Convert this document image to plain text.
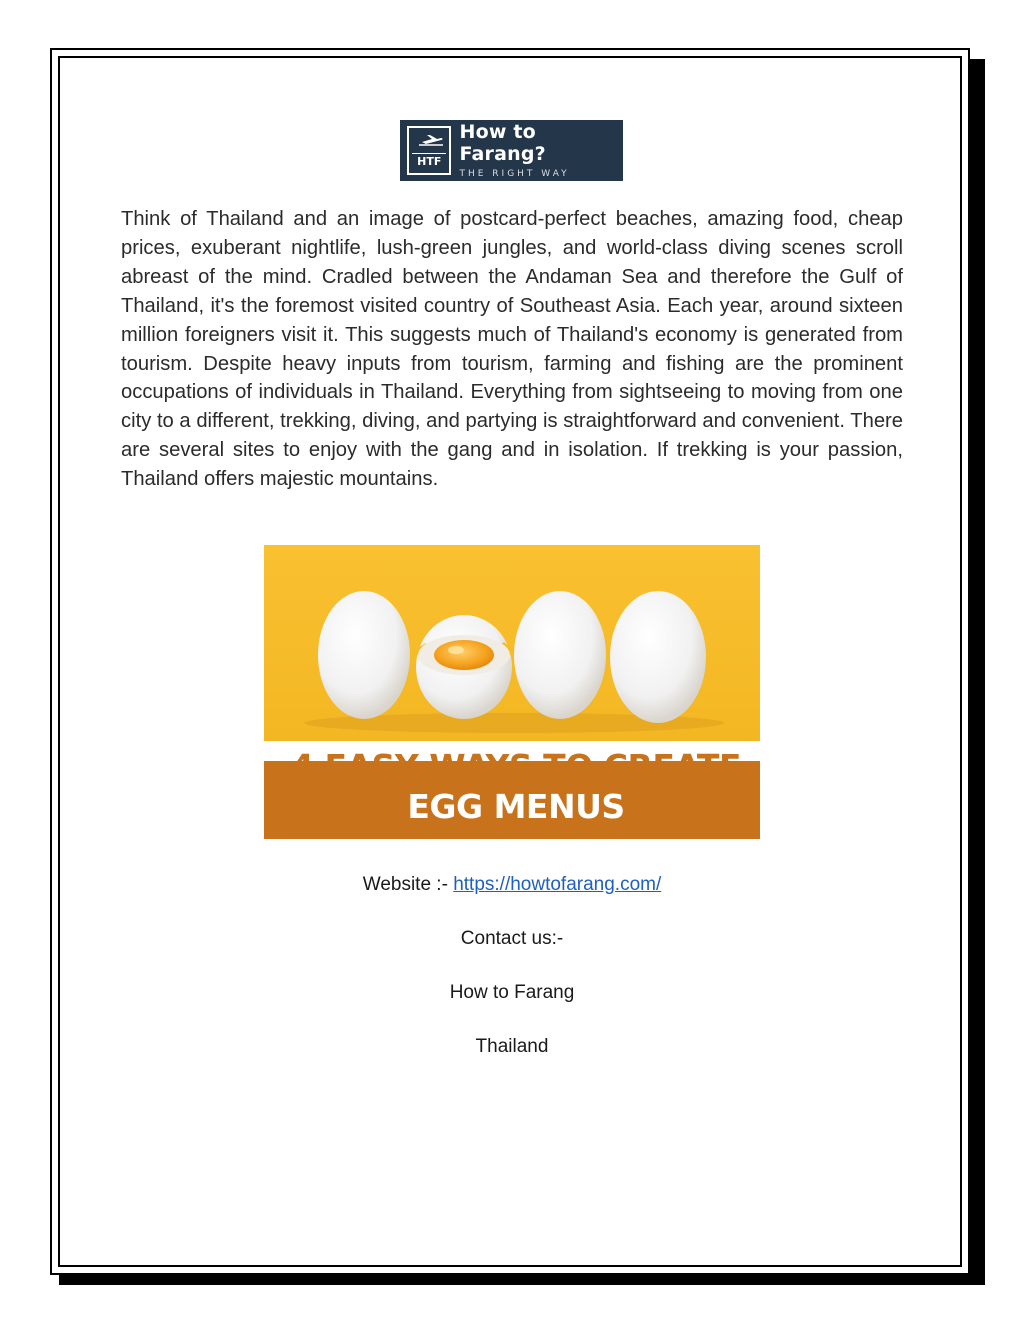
HTF
How to Farang?
THE RIGHT WAY

Think of Thailand and an image of postcard-perfect beaches, amazing food, cheap prices, exuberant nightlife, lush-green jungles, and world-class diving scenes scroll abreast of the mind. Cradled between the Andaman Sea and therefore the Gulf of Thailand, it's the foremost visited country of Southeast Asia. Each year, around sixteen million foreigners visit it. This suggests much of Thailand's economy is generated from tourism. Despite heavy inputs from tourism, farming and fishing are the prominent occupations of individuals in Thailand. Everything from sightseeing to moving from one city to a different, trekking, diving, and partying is straightforward and convenient. There are several sites to enjoy with the gang and in isolation. If trekking is your passion, Thailand offers majestic mountains.

4 EASY WAYS TO CREATE
EGG MENUS
Website :- https://howtofarang.com/
Contact us:-
How to Farang
Thailand
